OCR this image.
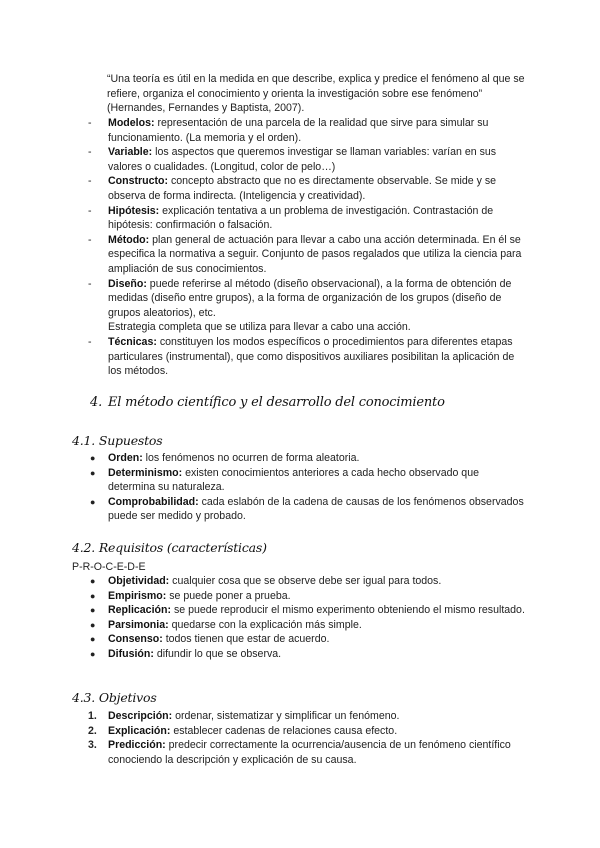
“Una teoría es útil en la medida en que describe, explica y predice el fenómeno al que se refiere, organiza el conocimiento y orienta la investigación sobre ese fenómeno” (Hernandes, Fernandes y Baptista, 2007).

- Modelos: representación de una parcela de la realidad que sirve para simular su funcionamiento. (La memoria y el orden).
- Variable: los aspectos que queremos investigar se llaman variables: varían en sus valores o cualidades. (Longitud, color de pelo…)
- Constructo: concepto abstracto que no es directamente observable. Se mide y se observa de forma indirecta. (Inteligencia y creatividad).
- Hipótesis: explicación tentativa a un problema de investigación. Contrastación de hipótesis: confirmación o falsación.
- Método: plan general de actuación para llevar a cabo una acción determinada. En él se especifica la normativa a seguir. Conjunto de pasos regalados que utiliza la ciencia para ampliación de sus conocimientos.
- Diseño: puede referirse al método (diseño observacional), a la forma de obtención de medidas (diseño entre grupos), a la forma de organización de los grupos (diseño de grupos aleatorios), etc.
Estrategia completa que se utiliza para llevar a cabo una acción.
- Técnicas: constituyen los modos específicos o procedimientos para diferentes etapas particulares (instrumental), que como dispositivos auxiliares posibilitan la aplicación de los métodos.
4. El método científico y el desarrollo del conocimiento
4.1. Supuestos
● Orden: los fenómenos no ocurren de forma aleatoria.
● Determinismo: existen conocimientos anteriores a cada hecho observado que determina su naturaleza.
● Comprobabilidad: cada eslabón de la cadena de causas de los fenómenos observados puede ser medido y probado.
4.2. Requisitos (características)
P-R-O-C-E-D-E
● Objetividad: cualquier cosa que se observe debe ser igual para todos.
● Empirismo: se puede poner a prueba.
● Replicación: se puede reproducir el mismo experimento obteniendo el mismo resultado.
● Parsimonia: quedarse con la explicación más simple.
● Consenso: todos tienen que estar de acuerdo.
● Difusión: difundir lo que se observa.
4.3. Objetivos
1. Descripción: ordenar, sistematizar y simplificar un fenómeno.
2. Explicación: establecer cadenas de relaciones causa efecto.
3. Predicción: predecir correctamente la ocurrencia/ausencia de un fenómeno científico conociendo la descripción y explicación de su causa.
